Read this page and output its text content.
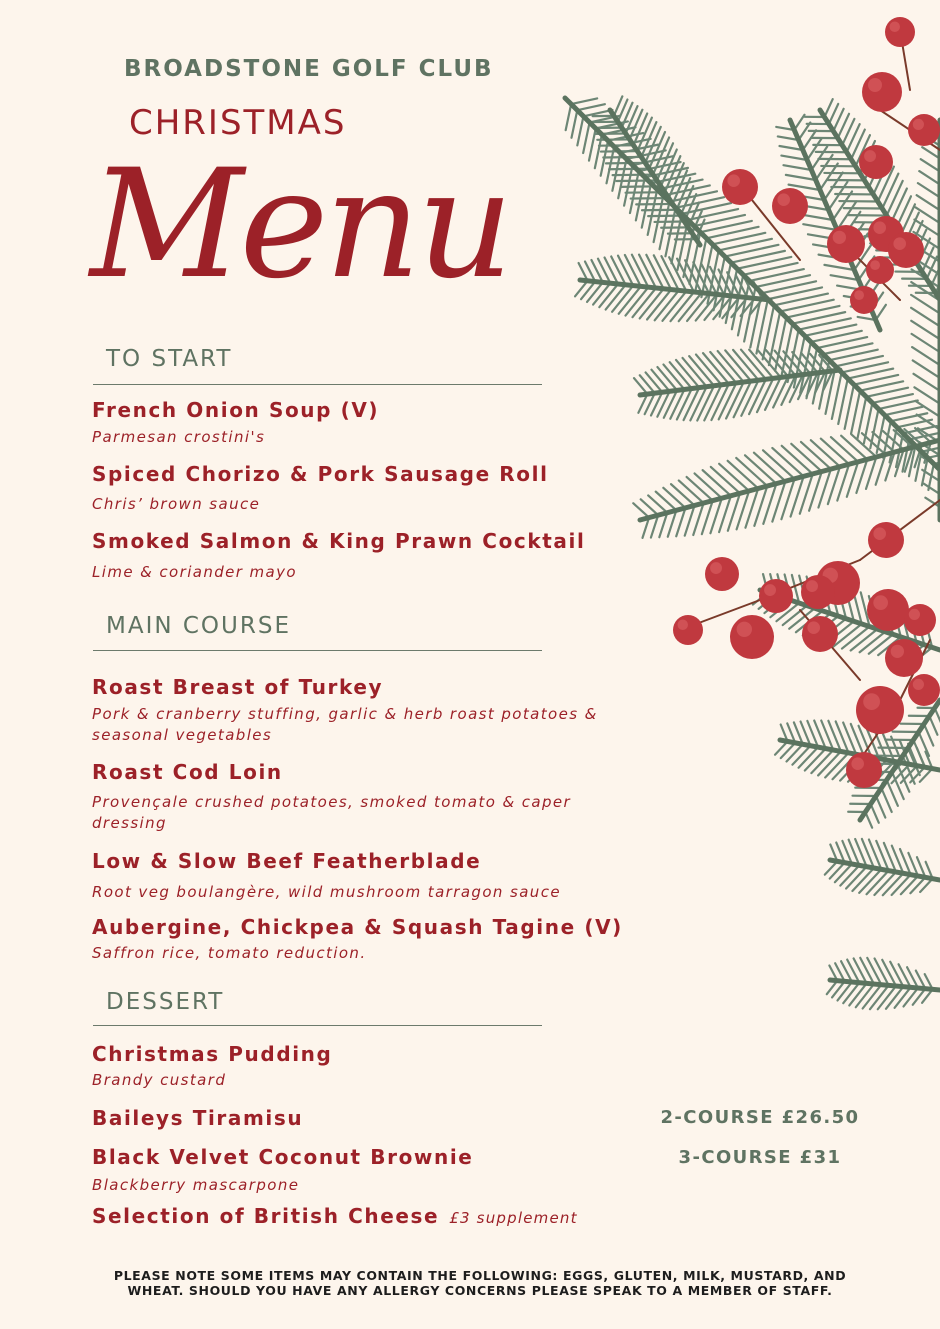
BROADSTONE GOLF CLUB
CHRISTMAS
Menu
TO START
French Onion Soup (V)
Parmesan crostini's
Spiced Chorizo & Pork Sausage Roll
Chris’ brown sauce
Smoked Salmon & King Prawn Cocktail
Lime & coriander mayo
MAIN COURSE
Roast Breast of Turkey
Pork & cranberry stuffing, garlic & herb roast potatoes &
seasonal vegetables
Roast Cod Loin
Provençale crushed potatoes, smoked tomato & caper
dressing
Low & Slow Beef Featherblade
Root veg boulangère, wild mushroom tarragon sauce
Aubergine, Chickpea & Squash Tagine (V)
Saffron rice, tomato reduction.
DESSERT
Christmas Pudding
Brandy custard
Baileys Tiramisu
Black Velvet Coconut Brownie
Blackberry mascarpone
Selection of British Cheese £3 supplement
2-COURSE £26.50
3-COURSE £31
PLEASE NOTE SOME ITEMS MAY CONTAIN THE FOLLOWING: EGGS, GLUTEN, MILK, MUSTARD, AND
WHEAT. SHOULD YOU HAVE ANY ALLERGY CONCERNS PLEASE SPEAK TO A MEMBER OF STAFF.
